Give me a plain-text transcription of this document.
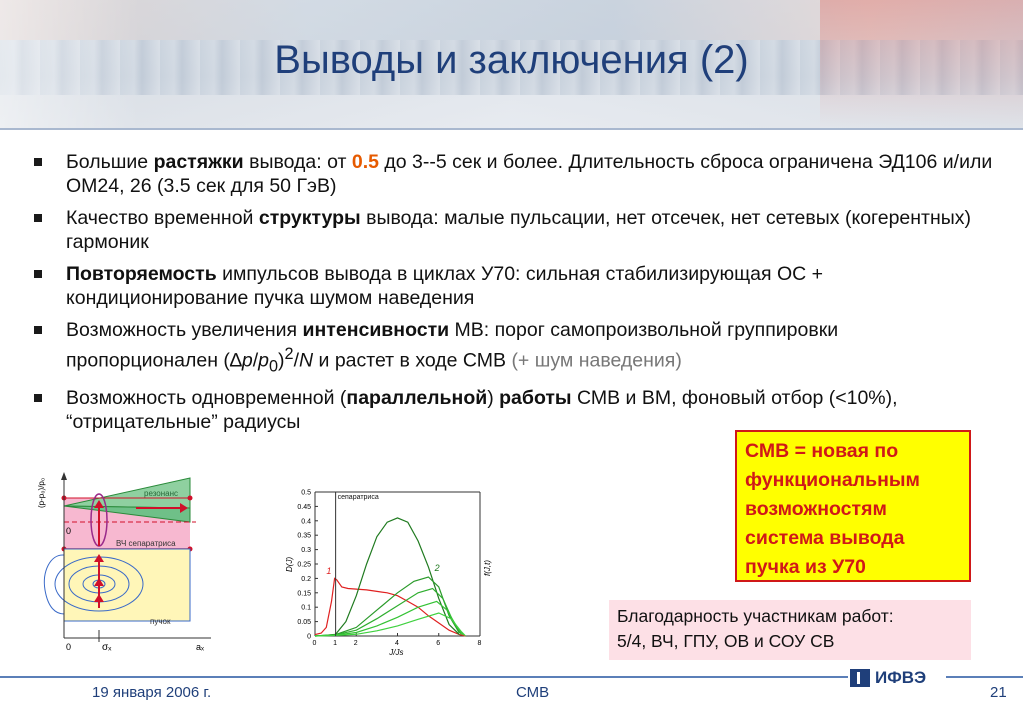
Выводы и заключения (2)
Большие растяжки вывода: от 0.5 до 3--5 сек и более. Длительность сброса ограничена ЭД106 и/или ОМ24, 26 (3.5 сек для 50 ГэВ)
Качество временной структуры вывода: малые пульсации, нет отсечек, нет сетевых (когерентных) гармоник
Повторяемость импульсов вывода в циклах У70: сильная стабилизирующая ОС + кондиционирование пучка шумом наведения
Возможность увеличения интенсивности МВ: порог самопроизвольной группировки пропорционален $(\Delta p/p_0)^2/N$ и растет в ходе СМВ (+ шум наведения)
Возможность одновременной (параллельной) работы СМВ и ВМ, фоновый отбор (<10%), “отрицательные” радиусы
(p-p₀)/p₀	резонанс
ВЧ сепаратриса
пучок
0
0	σₓ	aₓ	0 1 2	4	6	8
0
0.05
0.1
0.15
0.2
0.25
0.3
0.35
0.4
0.45
0.5
сепаратриса
1	2
J/Js
D(J)	f(J,t)
СМВ = новая по
функциональным
возможностям
система вывода
пучка из У70
Благодарность участникам работ:
5/4, ВЧ, ГПУ, ОВ и СОУ СВ
ИФВЭ
19 января 2006 г.	СМВ	21
